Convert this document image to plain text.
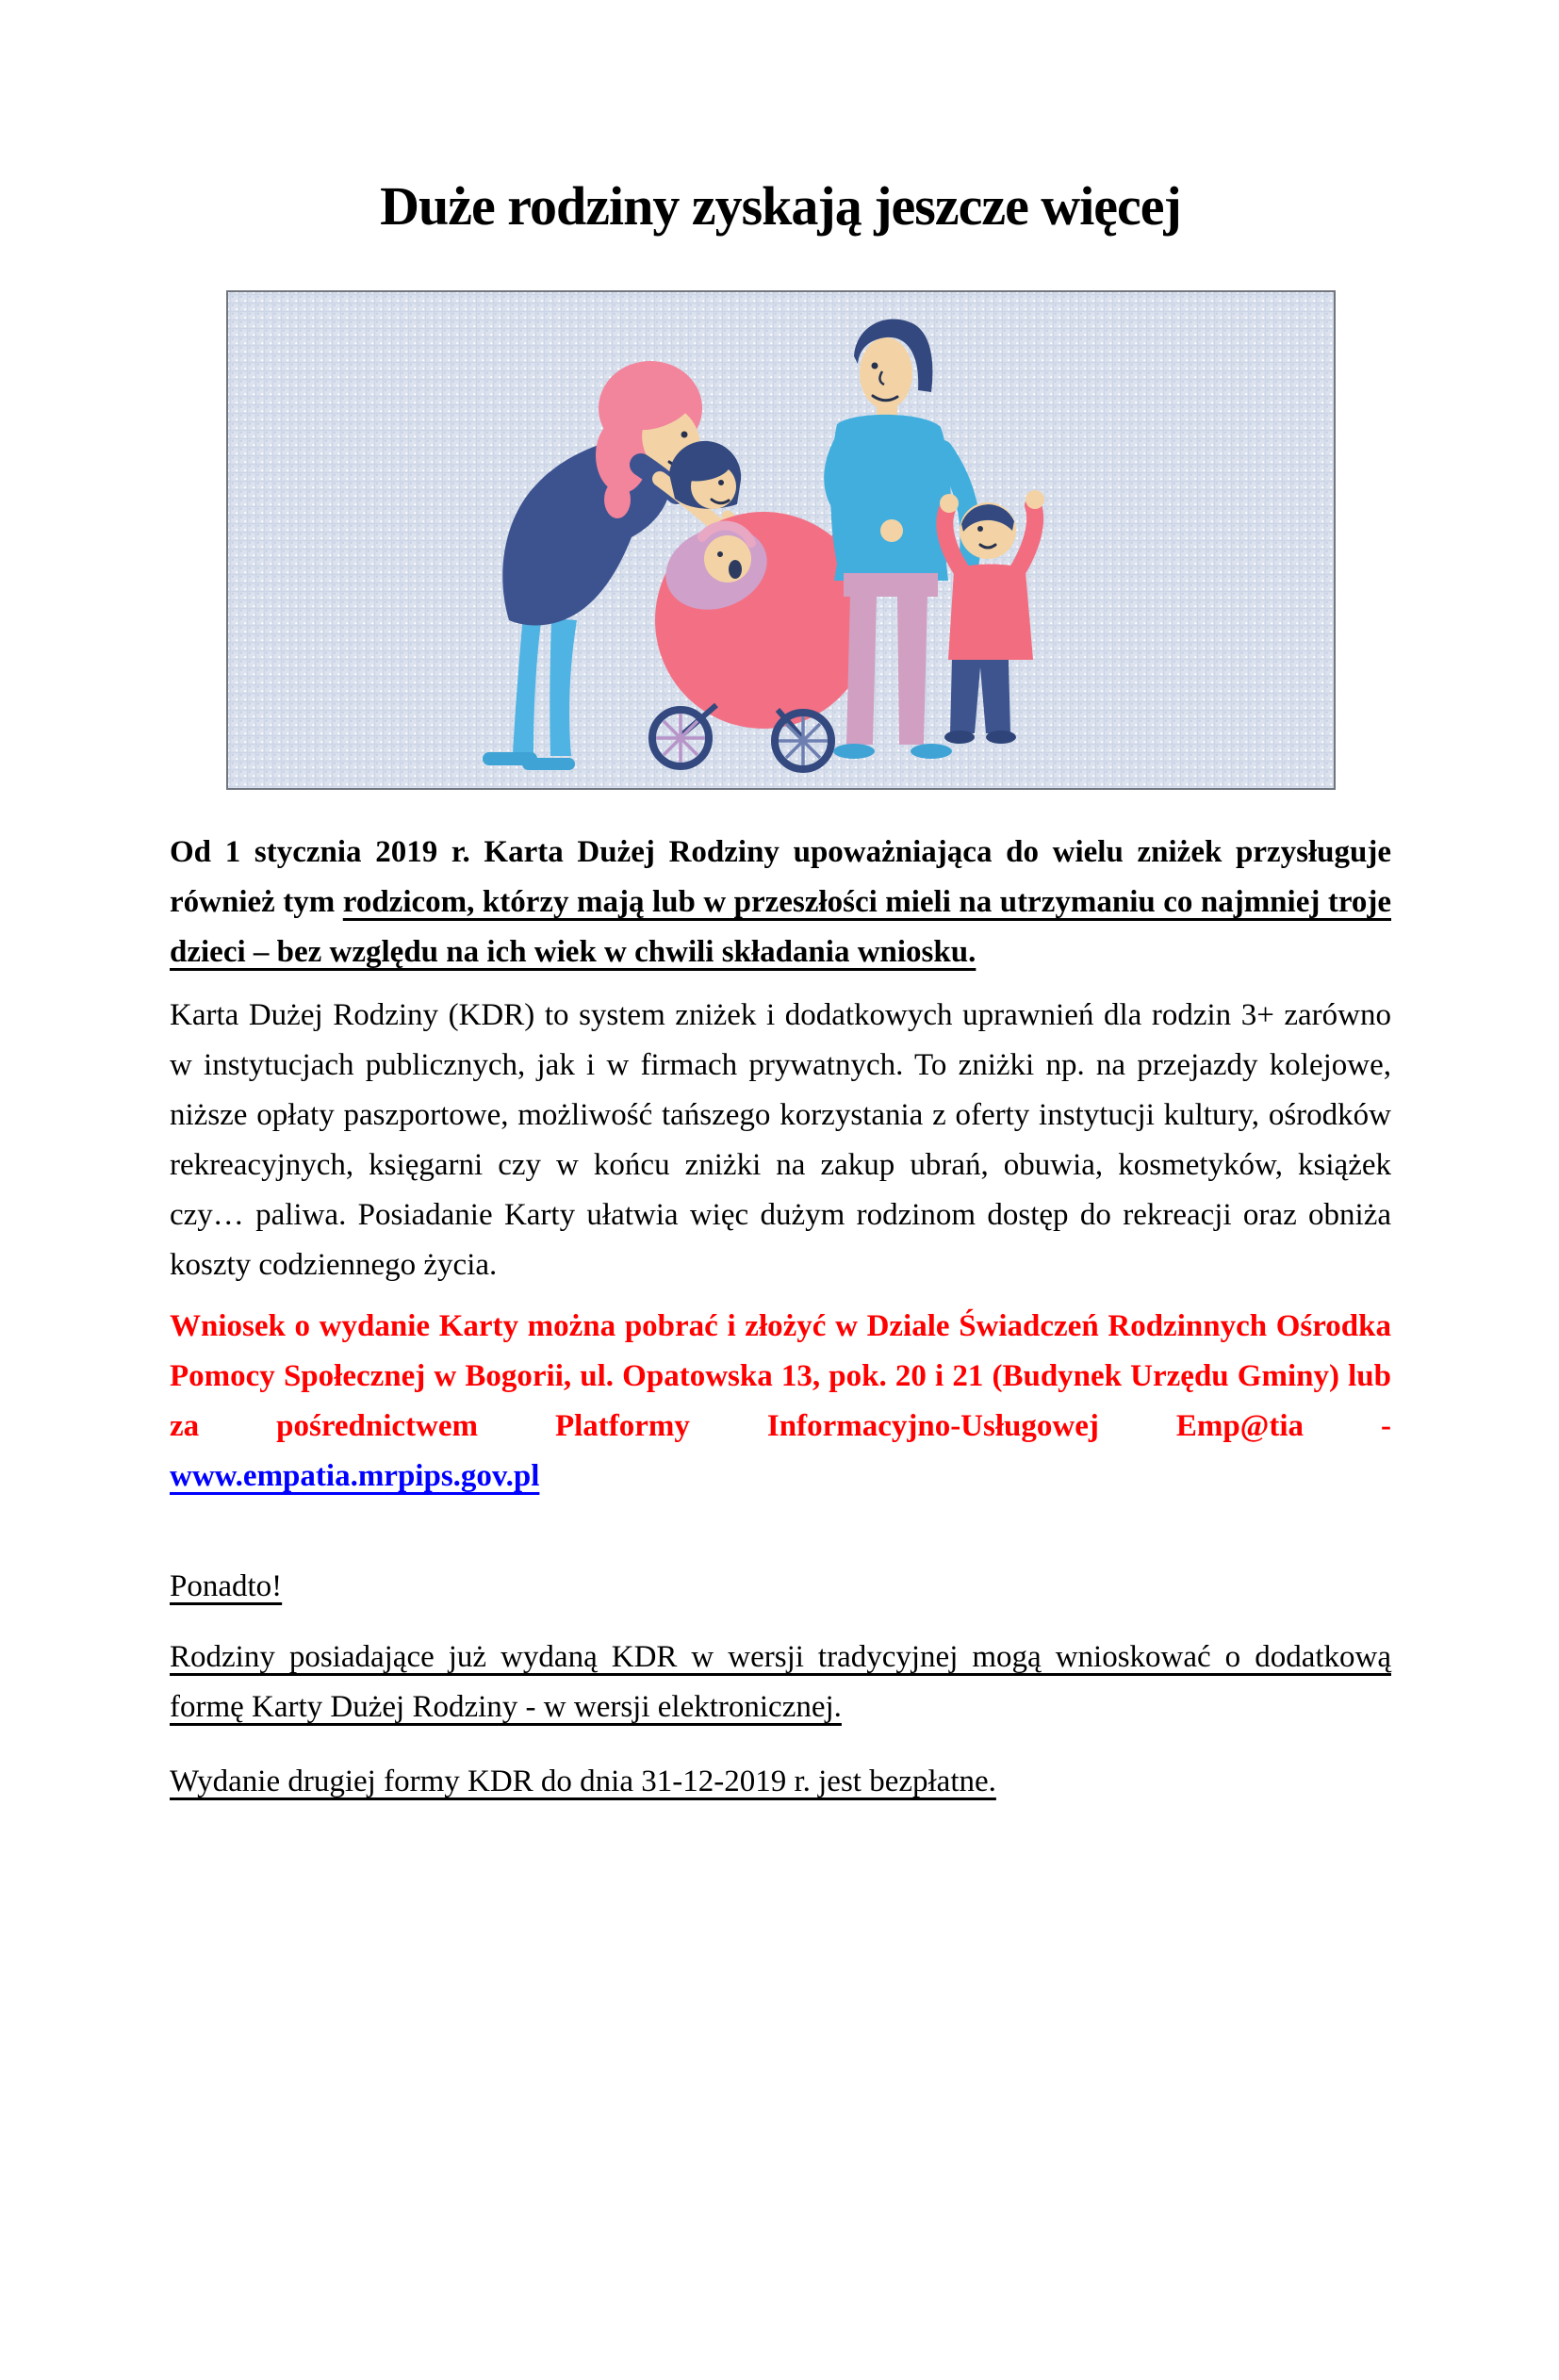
Duże rodziny zyskają jeszcze więcej

Od 1 stycznia 2019 r. Karta Dużej Rodziny upoważniająca do wielu zniżek przysługuje również tym rodzicom, którzy mają lub w przeszłości mieli na utrzymaniu co najmniej troje dzieci – bez względu na ich wiek w chwili składania wniosku.

Karta Dużej Rodziny (KDR) to system zniżek i dodatkowych uprawnień dla rodzin 3+ zarówno w instytucjach publicznych, jak i w firmach prywatnych. To zniżki np. na przejazdy kolejowe, niższe opłaty paszportowe, możliwość tańszego korzystania z oferty instytucji kultury, ośrodków rekreacyjnych, księgarni czy w końcu zniżki na zakup ubrań, obuwia, kosmetyków, książek czy… paliwa. Posiadanie Karty ułatwia więc dużym rodzinom dostęp do rekreacji oraz obniża koszty codziennego życia.

Wniosek o wydanie Karty można pobrać i złożyć w Dziale Świadczeń Rodzinnych Ośrodka Pomocy Społecznej w Bogorii, ul. Opatowska 13, pok. 20 i 21 (Budynek Urzędu Gminy) lub za pośrednictwem Platformy Informacyjno-Usługowej Emp@tia - www.empatia.mrpips.gov.pl

Ponadto!

Rodziny posiadające już wydaną KDR w wersji tradycyjnej mogą wnioskować o dodatkową formę Karty Dużej Rodziny - w wersji elektronicznej.

Wydanie drugiej formy KDR do dnia 31-12-2019 r. jest bezpłatne.
